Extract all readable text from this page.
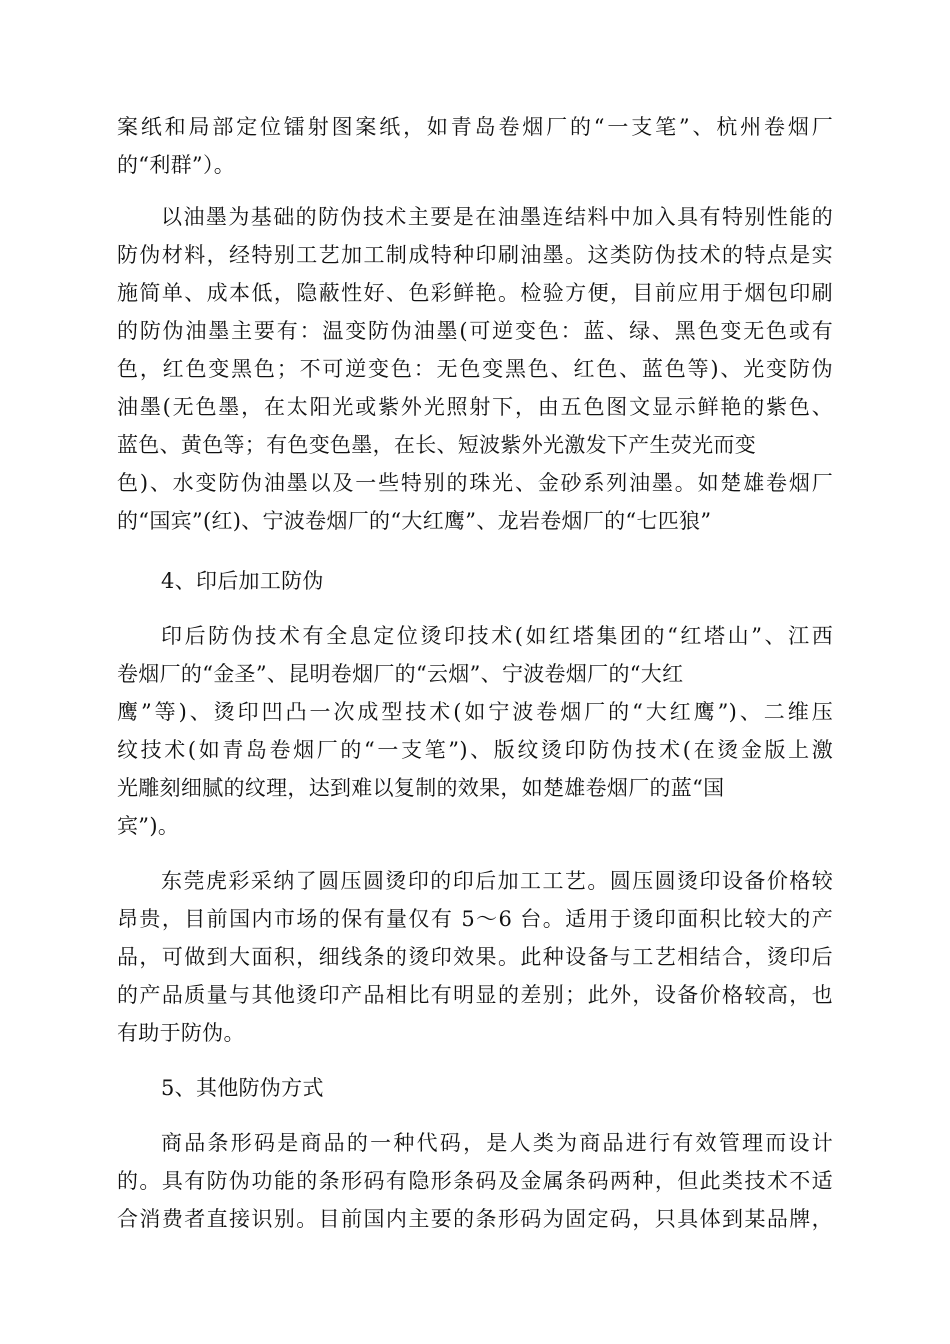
案纸和局部定位镭射图案纸，如青岛卷烟厂的“一支笔”、杭州卷烟厂
的“利群”）。
以油墨为基础的防伪技术主要是在油墨连结料中加入具有特别性能的
防伪材料，经特别工艺加工制成特种印刷油墨。这类防伪技术的特点是实
施简单、成本低，隐蔽性好、色彩鲜艳。检验方便，目前应用于烟包印刷
的防伪油墨主要有：温变防伪油墨(可逆变色：蓝、绿、黑色变无色或有
色，红色变黑色；不可逆变色：无色变黑色、红色、蓝色等)、光变防伪
油墨(无色墨，在太阳光或紫外光照射下，由五色图文显示鲜艳的紫色、
蓝色、黄色等；有色变色墨，在长、短波紫外光激发下产生荧光而变
色)、水变防伪油墨以及一些特别的珠光、金砂系列油墨。如楚雄卷烟厂
的“国宾”(红)、宁波卷烟厂的“大红鹰”、龙岩卷烟厂的“七匹狼”
4、印后加工防伪
印后防伪技术有全息定位烫印技术(如红塔集团的“红塔山”、江西
卷烟厂的“金圣”、昆明卷烟厂的“云烟”、宁波卷烟厂的“大红
鹰”等)、烫印凹凸一次成型技术(如宁波卷烟厂的“大红鹰”)、二维压
纹技术(如青岛卷烟厂的“一支笔”)、版纹烫印防伪技术(在烫金版上激
光雕刻细腻的纹理，达到难以复制的效果，如楚雄卷烟厂的蓝“国
宾”)。
东莞虎彩采纳了圆压圆烫印的印后加工工艺。圆压圆烫印设备价格较
昂贵，目前国内市场的保有量仅有 5～6 台。适用于烫印面积比较大的产
品，可做到大面积，细线条的烫印效果。此种设备与工艺相结合，烫印后
的产品质量与其他烫印产品相比有明显的差别；此外，设备价格较高，也
有助于防伪。
5、其他防伪方式
商品条形码是商品的一种代码，是人类为商品进行有效管理而设计
的。具有防伪功能的条形码有隐形条码及金属条码两种，但此类技术不适
合消费者直接识别。目前国内主要的条形码为固定码，只具体到某品牌，
